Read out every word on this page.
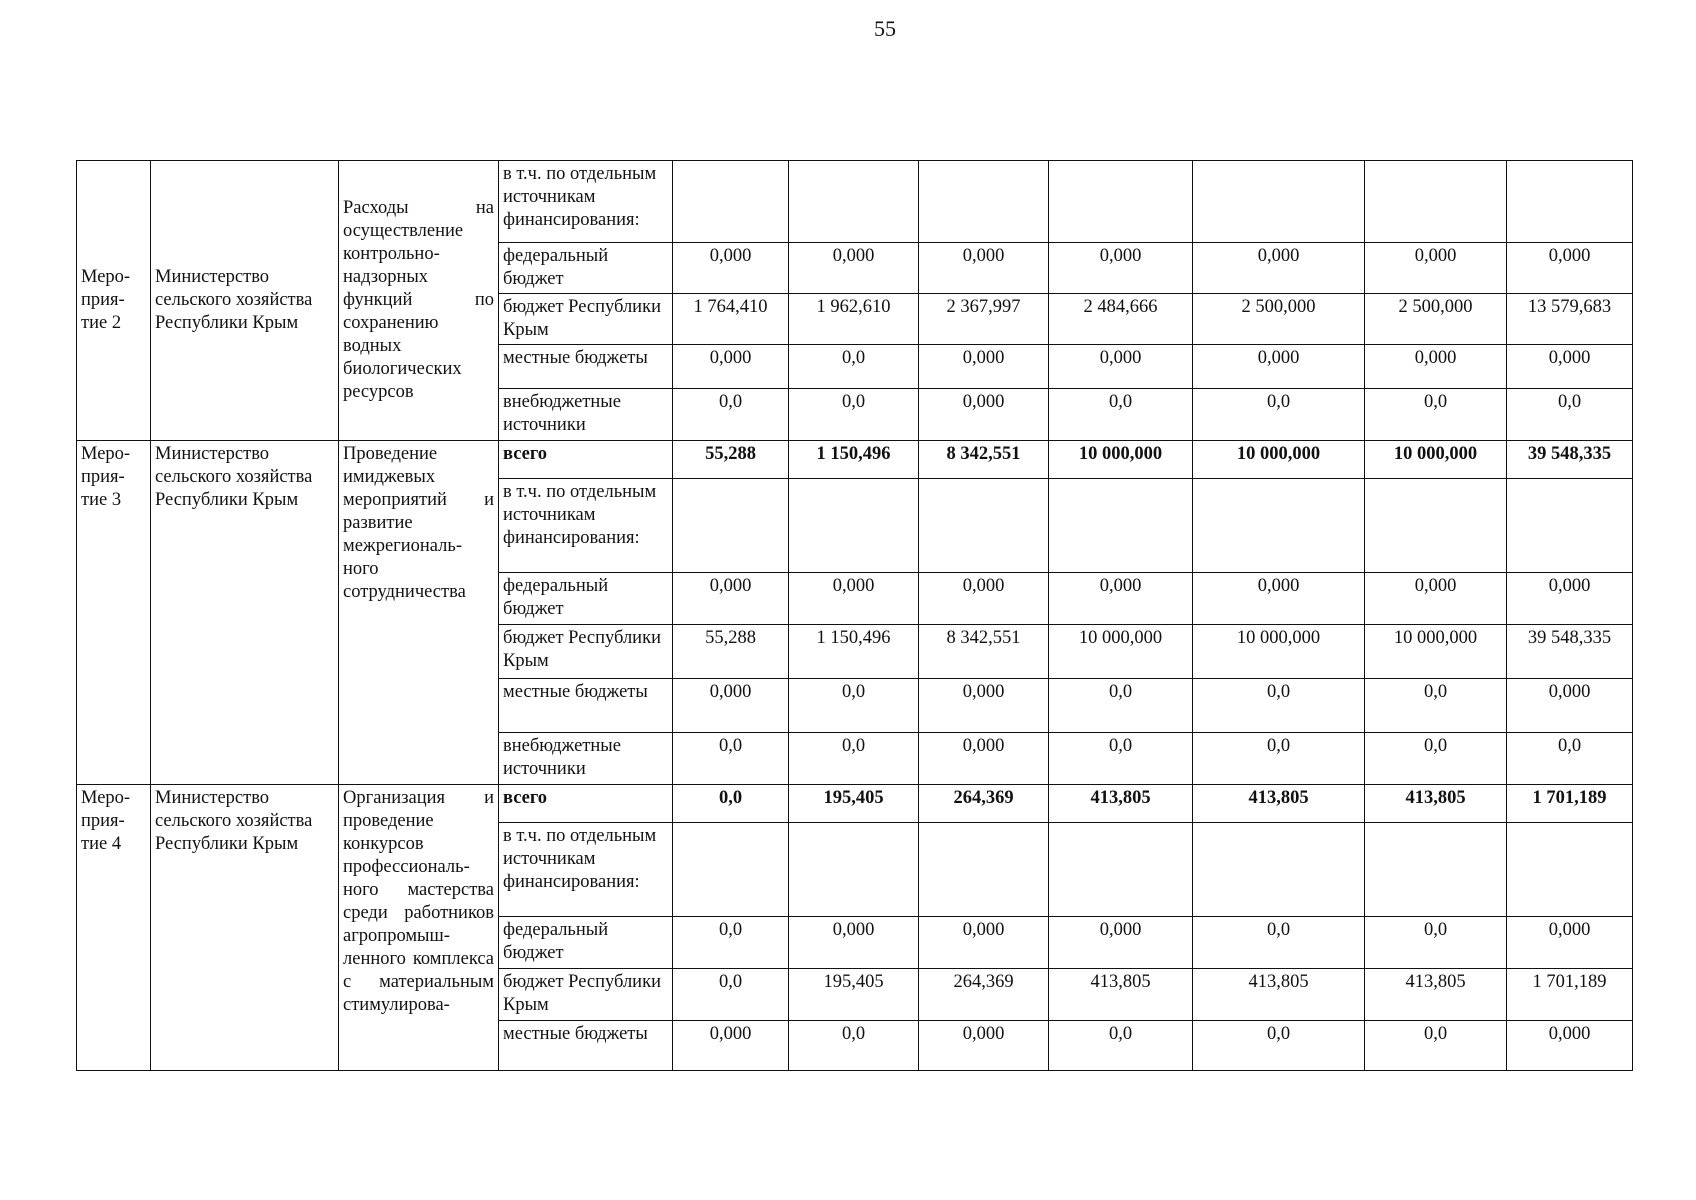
55
Меро-прия-тие 2	Министерство сельского хозяйства Республики Крым	Расходы на осуществление контрольно-надзорных функций по сохранению водных биологических ресурсов	в т.ч. по отдельным источникам финансирования:							
			федеральный бюджет	0,000	0,000	0,000	0,000	0,000	0,000	0,000
			бюджет Республики Крым	1 764,410	1 962,610	2 367,997	2 484,666	2 500,000	2 500,000	13 579,683
			местные бюджеты	0,000	0,0	0,000	0,000	0,000	0,000	0,000
			внебюджетные источники	0,0	0,0	0,000	0,0	0,0	0,0	0,0
Меро-прия-тие 3	Министерство сельского хозяйства Республики Крым	Проведение имиджевых мероприятий и развитие межрегиональ-ного сотрудничества	всего	55,288	1 150,496	8 342,551	10 000,000	10 000,000	10 000,000	39 548,335
			в т.ч. по отдельным источникам финансирования:							
			федеральный бюджет	0,000	0,000	0,000	0,000	0,000	0,000	0,000
			бюджет Республики Крым	55,288	1 150,496	8 342,551	10 000,000	10 000,000	10 000,000	39 548,335
			местные бюджеты	0,000	0,0	0,000	0,0	0,0	0,0	0,000
			внебюджетные источники	0,0	0,0	0,000	0,0	0,0	0,0	0,0
Меро-прия-тие 4	Министерство сельского хозяйства Республики Крым	Организация и проведение конкурсов профессиональ-ного мастерства среди работников агропромыш-ленного комплекса с материальным стимулирова-	всего	0,0	195,405	264,369	413,805	413,805	413,805	1 701,189
			в т.ч. по отдельным источникам финансирования:							
			федеральный бюджет	0,0	0,000	0,000	0,000	0,0	0,0	0,000
			бюджет Республики Крым	0,0	195,405	264,369	413,805	413,805	413,805	1 701,189
			местные бюджеты	0,000	0,0	0,000	0,0	0,0	0,0	0,000
